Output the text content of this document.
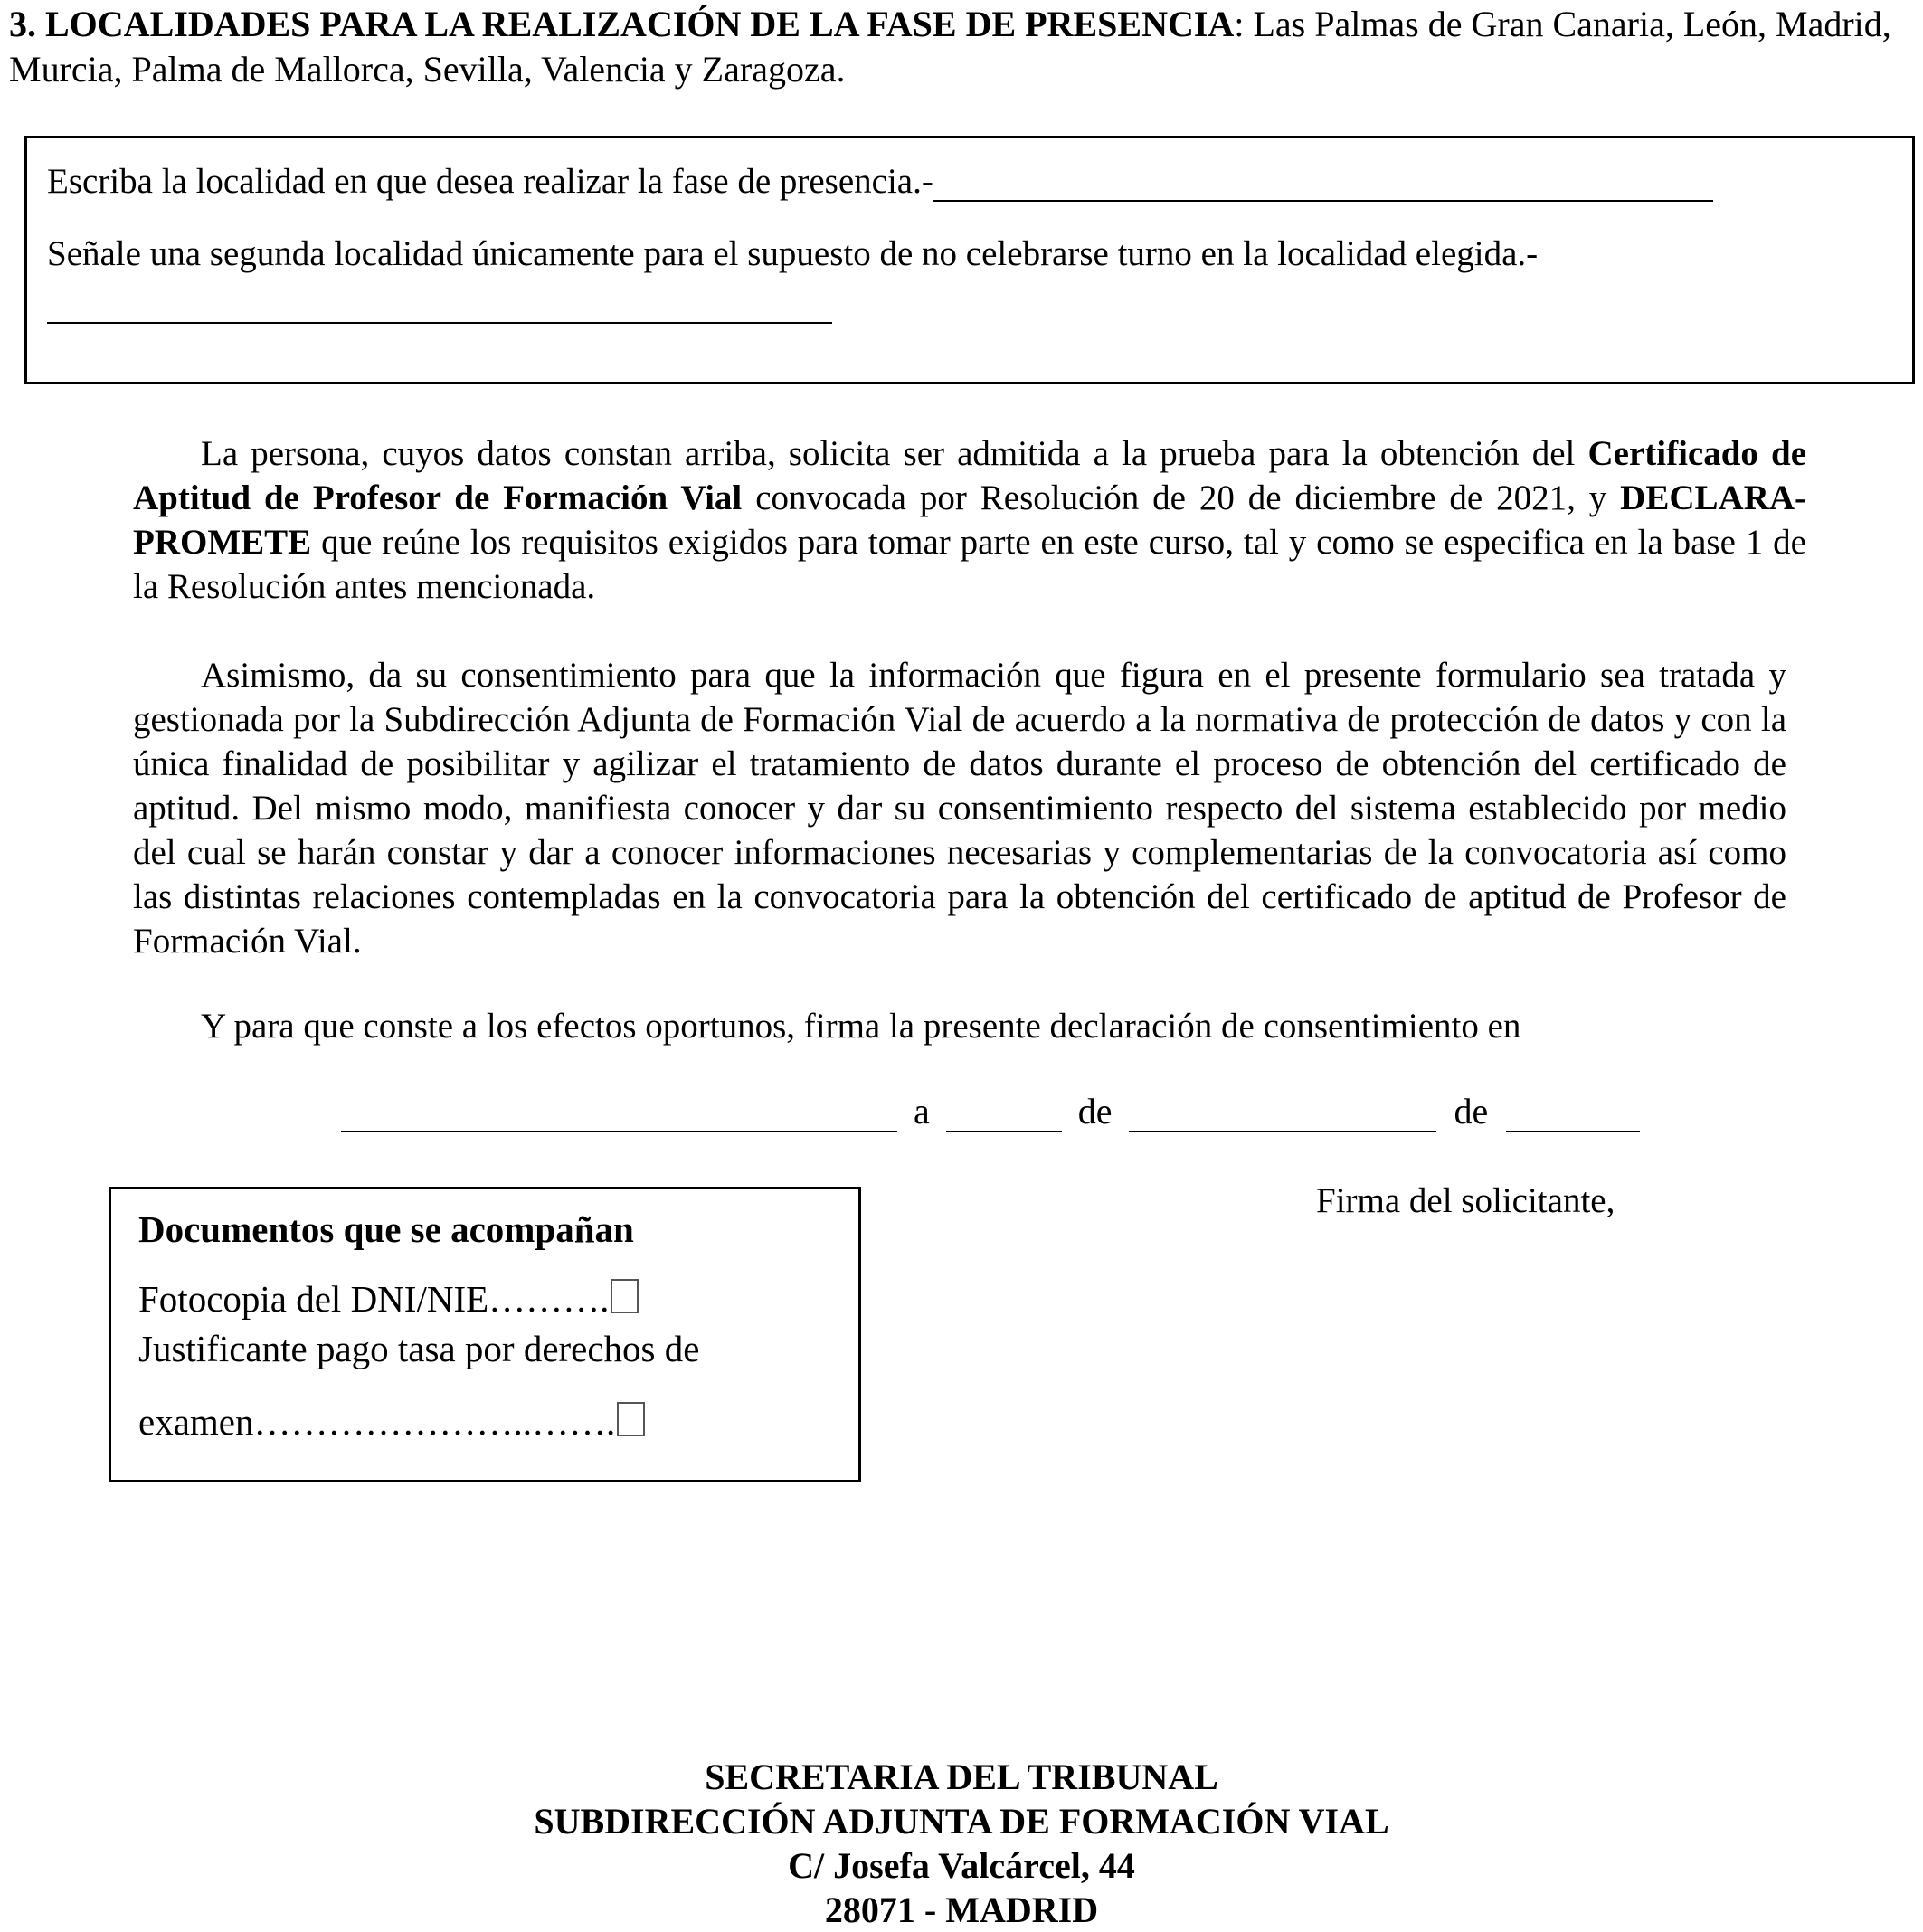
3. LOCALIDADES PARA LA REALIZACIÓN DE LA FASE DE PRESENCIA: Las Palmas de Gran Canaria, León, Madrid, Murcia, Palma de Mallorca, Sevilla, Valencia y Zaragoza.
Escriba la localidad en que desea realizar la fase de presencia.-
Señale una segunda localidad únicamente para el supuesto de no celebrarse turno en la localidad elegida.-
La persona, cuyos datos constan arriba, solicita ser admitida a la prueba para la obtención del Certificado de Aptitud de Profesor de Formación Vial convocada por Resolución de 20 de diciembre de 2021, y DECLARA-PROMETE que reúne los requisitos exigidos para tomar parte en este curso, tal y como se especifica en la base 1 de la Resolución antes mencionada.
Asimismo, da su consentimiento para que la información que figura en el presente formulario sea tratada y gestionada por la Subdirección Adjunta de Formación Vial de acuerdo a la normativa de protección de datos y con la única finalidad de posibilitar y agilizar el tratamiento de datos durante el proceso de obtención del certificado de aptitud. Del mismo modo, manifiesta conocer y dar su consentimiento respecto del sistema establecido por medio del cual se harán constar y dar a conocer informaciones necesarias y complementarias de la convocatoria así como las distintas relaciones contempladas en la convocatoria para la obtención del certificado de aptitud de Profesor de Formación Vial.
Y para que conste a los efectos oportunos, firma la presente declaración de consentimiento en
a	de	de
Firma del solicitante,
Documentos que se acompañan
Fotocopia del DNI/NIE……….
Justificante pago tasa por derechos de
examen…………………..…….
SECRETARIA DEL TRIBUNAL
SUBDIRECCIÓN ADJUNTA DE FORMACIÓN VIAL
C/ Josefa Valcárcel, 44
28071 - MADRID
